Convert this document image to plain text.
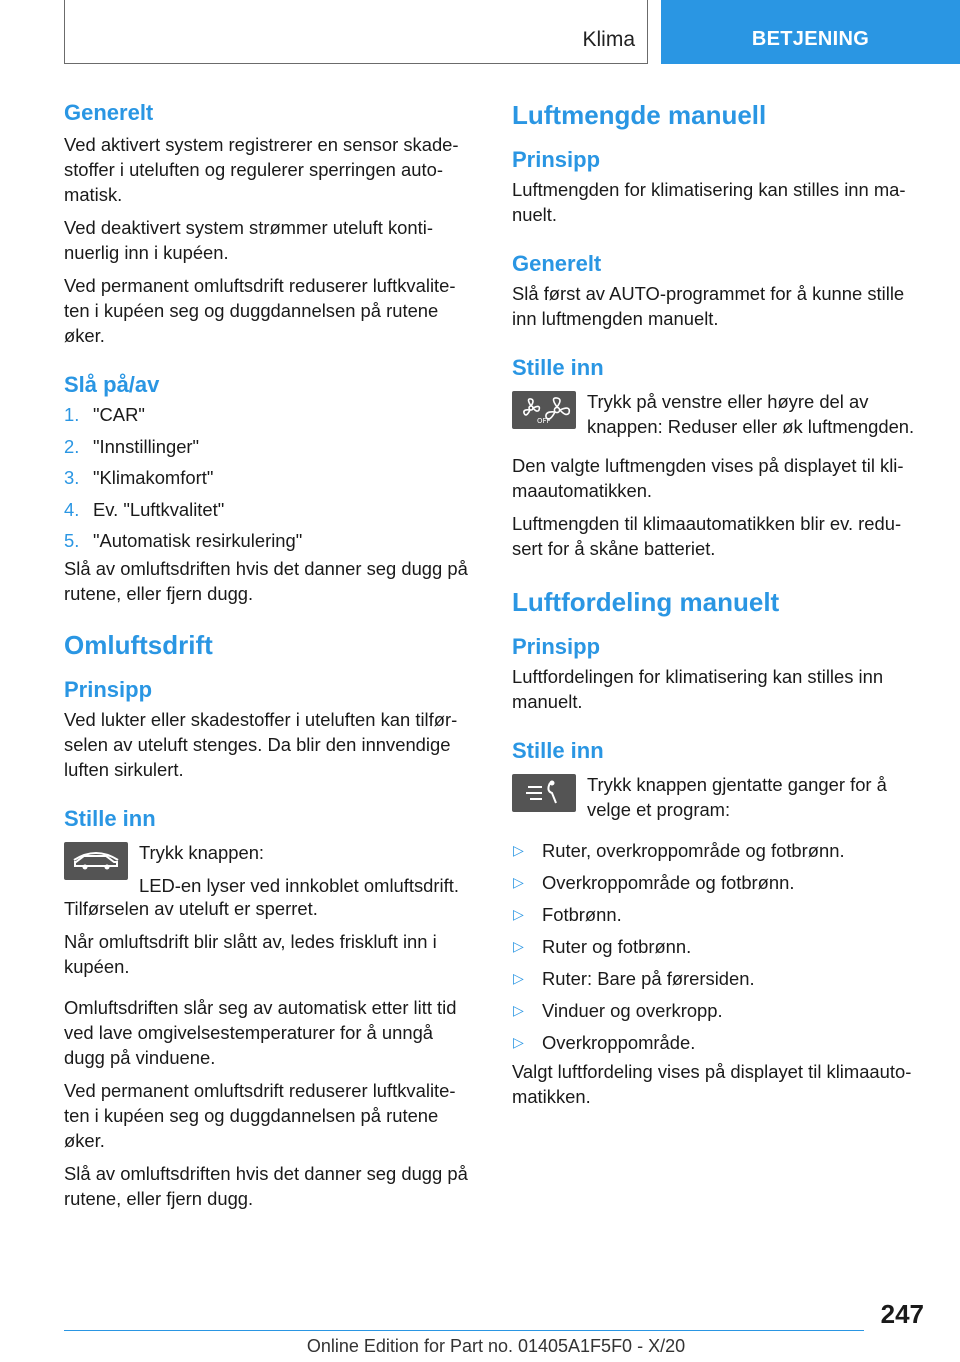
Klima	BETJENING
Generelt

Ved aktivert system registrerer en sensor skade-stoffer i uteluften og regulerer sperringen auto-matisk.

Ved deaktivert system strømmer uteluft konti-nuerlig inn i kupéen.

Ved permanent omluftsdrift reduserer luftkvalite-ten i kupéen seg og duggdannelsen på rutene øker.

Slå på/av
1. "CAR"
2. "Innstillinger"
3. "Klimakomfort"
4. Ev. "Luftkvalitet"
5. "Automatisk resirkulering"

Slå av omluftsdriften hvis det danner seg dugg på rutene, eller fjern dugg.

Omluftsdrift
Prinsipp

Ved lukter eller skadestoffer i uteluften kan tilfør-selen av uteluft stenges. Da blir den innvendige luften sirkulert.

Stille inn
Trykk knappen:
LED-en lyser ved innkoblet omluftsdrift.

Tilførselen av uteluft er sperret.

Når omluftsdrift blir slått av, ledes friskluft inn i kupéen.

Omluftsdriften slår seg av automatisk etter litt tid ved lave omgivelsestemperaturer for å unngå dugg på vinduene.

Ved permanent omluftsdrift reduserer luftkvalite-ten i kupéen seg og duggdannelsen på rutene øker.

Slå av omluftsdriften hvis det danner seg dugg på rutene, eller fjern dugg.

Luftmengde manuell
Prinsipp

Luftmengden for klimatisering kan stilles inn ma-nuelt.

Generelt

Slå først av AUTO-programmet for å kunne stille inn luftmengden manuelt.

Stille inn
OFF
Trykk på venstre eller høyre del av knappen: Reduser eller øk luftmengden.

Den valgte luftmengden vises på displayet til kli-maautomatikken.

Luftmengden til klimaautomatikken blir ev. redu-sert for å skåne batteriet.

Luftfordeling manuelt
Prinsipp

Luftfordelingen for klimatisering kan stilles inn manuelt.

Stille inn
Trykk knappen gjentatte ganger for å velge et program:
▷ Ruter, overkroppområde og fotbrønn.
▷ Overkroppområde og fotbrønn.
▷ Fotbrønn.
▷ Ruter og fotbrønn.
▷ Ruter: Bare på førersiden.
▷ Vinduer og overkropp.
▷ Overkroppområde.

Valgt luftfordeling vises på displayet til klimaauto-matikken.

247
Online Edition for Part no. 01405A1F5F0 - X/20
